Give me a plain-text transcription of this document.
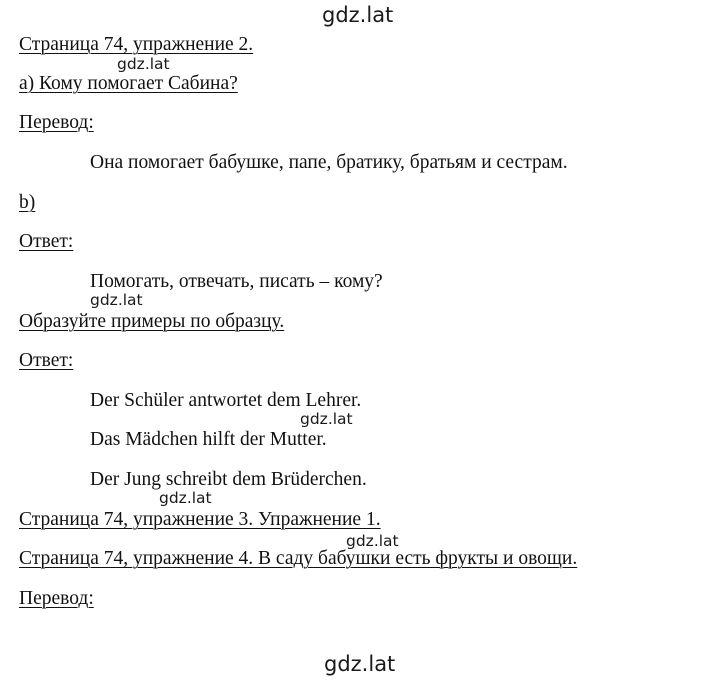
Страница 74, упражнение 2.
а) Кому помогает Сабина?
Перевод:
Она помогает бабушке, папе, братику, братьям и сестрам.
b)
Ответ:
Помогать, отвечать, писать – кому?
Образуйте примеры по образцу.
Ответ:
Der Schüler antwortet dem Lehrer.
Das Mädchen hilft der Mutter.
Der Jung schreibt dem Brüderchen.
Страница 74, упражнение 3. Упражнение 1.
Страница 74, упражнение 4. В саду бабушки есть фрукты и овощи.
Перевод:
gdz.lat
gdz.lat
gdz.lat
gdz.lat
gdz.lat
gdz.lat
gdz.lat
